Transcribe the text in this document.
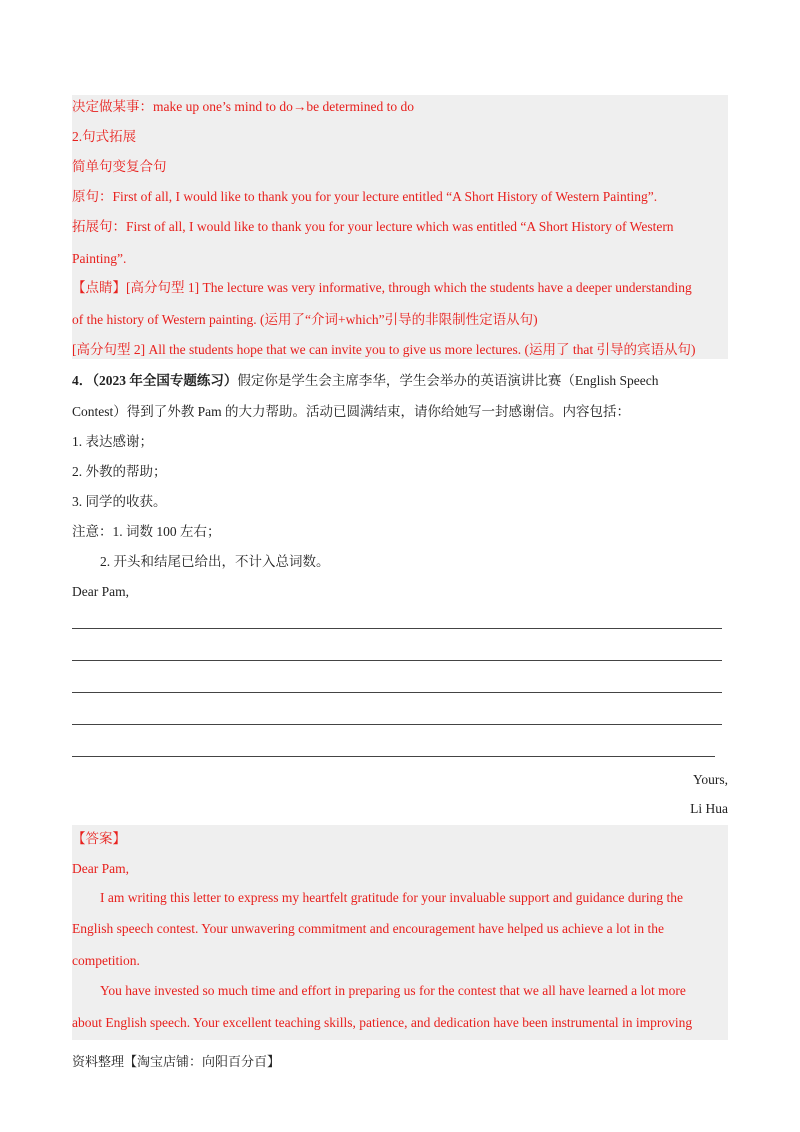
决定做某事：make up one’s mind to do→be determined to do
2.句式拓展
简单句变复合句
原句：First of all, I would like to thank you for your lecture entitled “A Short History of Western Painting”.
拓展句：First of all, I would like to thank you for your lecture which was entitled “A Short History of Western
Painting”.
【点睛】[高分句型 1] The lecture was very informative, through which the students have a deeper understanding
of the history of Western painting. (运用了“介词+which”引导的非限制性定语从句)
[高分句型 2] All the students hope that we can invite you to give us more lectures. (运用了 that 引导的宾语从句)
4．（2023 年全国专题练习）假定你是学生会主席李华，学生会举办的英语演讲比赛（English Speech
Contest）得到了外教 Pam 的大力帮助。活动已圆满结束，请你给她写一封感谢信。内容包括：
1. 表达感谢；
2. 外教的帮助；
3. 同学的收获。
注意：1. 词数 100 左右；
2. 开头和结尾已给出，不计入总词数。
Dear Pam,
Yours,
Li Hua
【答案】
Dear Pam,
I am writing this letter to express my heartfelt gratitude for your invaluable support and guidance during the
English speech contest. Your unwavering commitment and encouragement have helped us achieve a lot in the
competition.
You have invested so much time and effort in preparing us for the contest that we all have learned a lot more
about English speech. Your excellent teaching skills, patience, and dedication have been instrumental in improving
资料整理【淘宝店铺：向阳百分百】
